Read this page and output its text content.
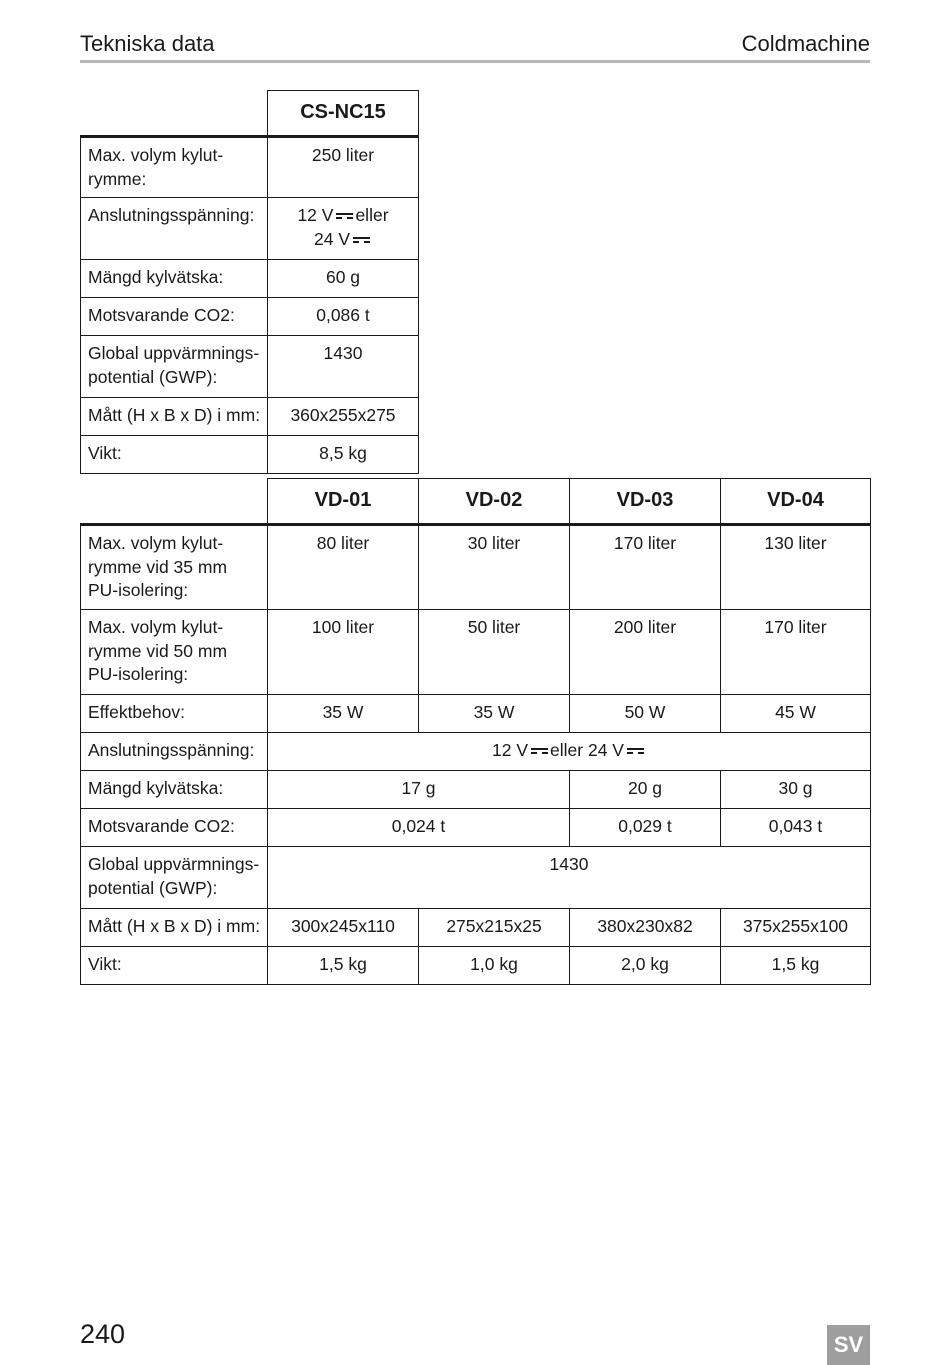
Tekniska data	Coldmachine
	CS-NC15
Max. volym kylut-rymme:	250 liter
Anslutningsspänning:	12 V eller
24 V
Mängd kylvätska:	60 g
Motsvarande CO2:	0,086 t
Global uppvärmnings-potential (GWP):	1430
Mått (H x B x D) i mm:	360x255x275
Vikt:	8,5 kg
	VD-01	VD-02	VD-03	VD-04
Max. volym kylut-rymme vid 35 mm PU-isolering:	80 liter	30 liter	170 liter	130 liter
Max. volym kylut-rymme vid 50 mm PU-isolering:	100 liter	50 liter	200 liter	170 liter
Effektbehov:	35 W	35 W	50 W	45 W
Anslutningsspänning:	12 V eller 24 V			
Mängd kylvätska:	17 g		20 g	30 g
Motsvarande CO2:	0,024 t		0,029 t	0,043 t
Global uppvärmnings-potential (GWP):	1430			
Mått (H x B x D) i mm:	300x245x110	275x215x25	380x230x82	375x255x100
Vikt:	1,5 kg	1,0 kg	2,0 kg	1,5 kg
240	SV
